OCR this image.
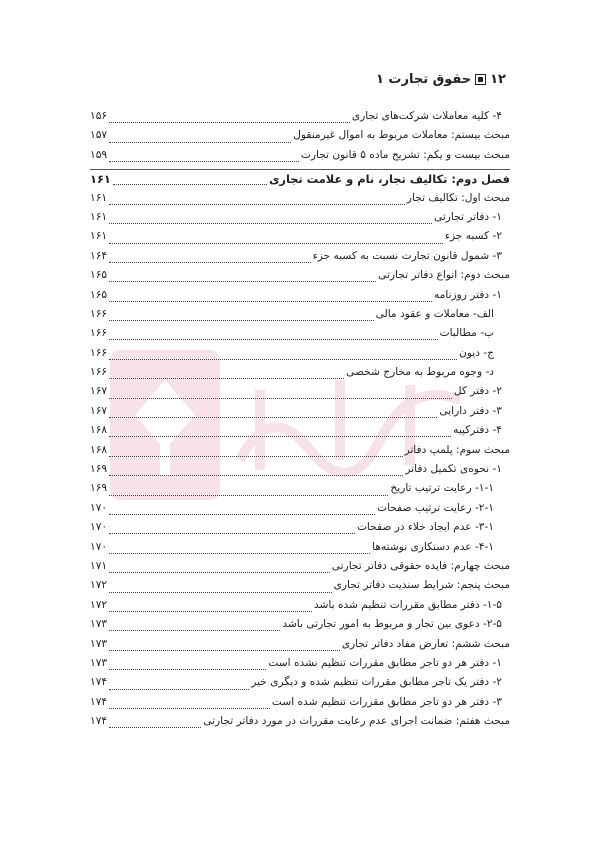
۱۲
حقوق تجارت ۱
۴- کلیه معاملات شرکت‌های تجاری
۱۵۶
مبحث بیستم: معاملات مربوط به اموال غیرمنقول
۱۵۷
مبحث بیست و یکم: تشریح ماده ۵ قانون تجارت
۱۵۹
فصل دوم: تکالیف تجار، نام و علامت تجاری
۱۶۱
مبحث اول: تکالیف تجار
۱۶۱
۱- دفاتر تجارتی
۱۶۱
۲- کسبه جزء
۱۶۱
۳- شمول قانون تجارت نسبت به کسبه جزء
۱۶۴
مبحث دوم: انواع دفاتر تجارتی
۱۶۵
۱- دفتر روزنامه
۱۶۵
الف- معاملات و عقود مالی
۱۶۶
ب- مطالبات
۱۶۶
ج- دیون
۱۶۶
د- وجوه مربوط به مخارج شخصی
۱۶۶
۲- دفتر کل
۱۶۷
۳- دفتر دارایی
۱۶۷
۴- دفترکپیه
۱۶۸
مبحث سوم: پلمپ دفاتر
۱۶۸
۱- نحوه‌ی تکمیل دفاتر
۱۶۹
۱-۱- رعایت ترتیب تاریخ
۱۶۹
۲-۱- رعایت ترتیب صفحات
۱۷۰
۳-۱- عدم ایجاد خلاء در صفحات
۱۷۰
۴-۱- عدم دستکاری نوشته‌ها
۱۷۰
مبحث چهارم: فایده حقوقی دفاتر تجارتی
۱۷۱
مبحث پنجم: شرایط سندیت دفاتر تجاری
۱۷۲
۱-۵- دفتر مطابق مقررات تنظیم شده باشد
۱۷۲
۲-۵- دعوی بین تجار و مربوط به امور تجارتی باشد
۱۷۳
مبحث ششم: تعارض مفاد دفاتر تجاری
۱۷۳
۱- دفتر هر دو تاجر مطابق مقررات تنظیم نشده است
۱۷۳
۲- دفتر یک تاجر مطابق مقررات تنظیم شده و دیگری خیر
۱۷۴
۳- دفتر هر دو تاجر مطابق مقررات تنظیم شده است
۱۷۴
مبحث هفتم: ضمانت اجرای عدم رعایت مقررات در مورد دفاتر تجارتی
۱۷۴
